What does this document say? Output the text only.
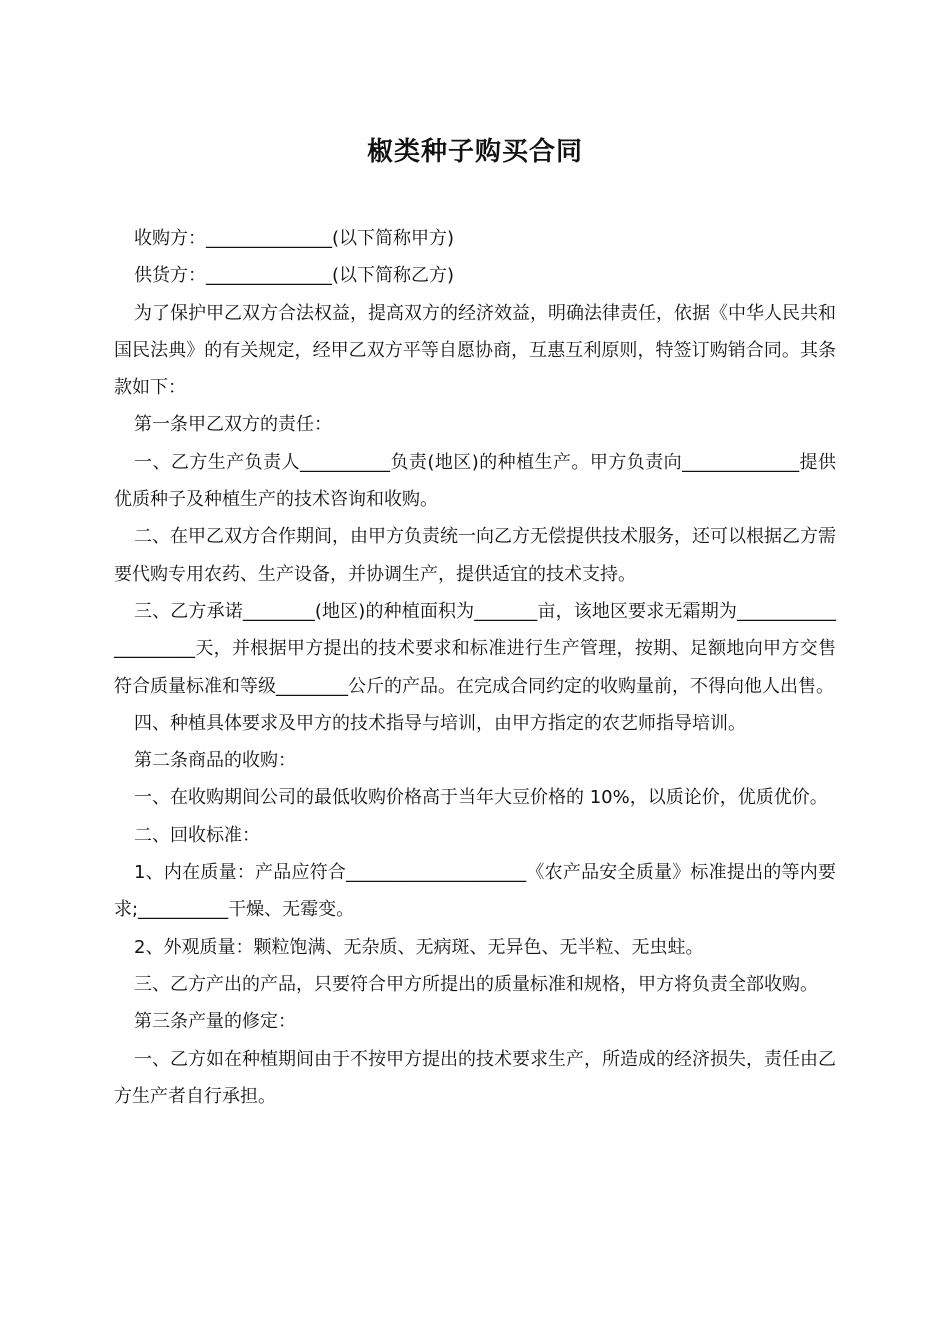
椒类种子购买合同

收购方：______________(以下简称甲方)

供货方：______________(以下简称乙方)

为了保护甲乙双方合法权益，提高双方的经济效益，明确法律责任，依据《中华人民共和国民法典》的有关规定，经甲乙双方平等自愿协商，互惠互利原则，特签订购销合同。其条款如下：

第一条甲乙双方的责任：

一、乙方生产负责人__________负责(地区)的种植生产。甲方负责向_____________提供优质种子及种植生产的技术咨询和收购。

二、在甲乙双方合作期间，由甲方负责统一向乙方无偿提供技术服务，还可以根据乙方需要代购专用农药、生产设备，并协调生产，提供适宜的技术支持。

三、乙方承诺________(地区)的种植面积为_______亩，该地区要求无霜期为____________________天，并根据甲方提出的技术要求和标准进行生产管理，按期、足额地向甲方交售符合质量标准和等级________公斤的产品。在完成合同约定的收购量前，不得向他人出售。

四、种植具体要求及甲方的技术指导与培训，由甲方指定的农艺师指导培训。

第二条商品的收购：

一、在收购期间公司的最低收购价格高于当年大豆价格的 10%，以质论价，优质优价。

二、回收标准：

1、内在质量：产品应符合____________________《农产品安全质量》标准提出的等内要求;__________干燥、无霉变。

2、外观质量：颗粒饱满、无杂质、无病斑、无异色、无半粒、无虫蛀。

三、乙方产出的产品，只要符合甲方所提出的质量标准和规格，甲方将负责全部收购。

第三条产量的修定：

一、乙方如在种植期间由于不按甲方提出的技术要求生产，所造成的经济损失，责任由乙方生产者自行承担。
